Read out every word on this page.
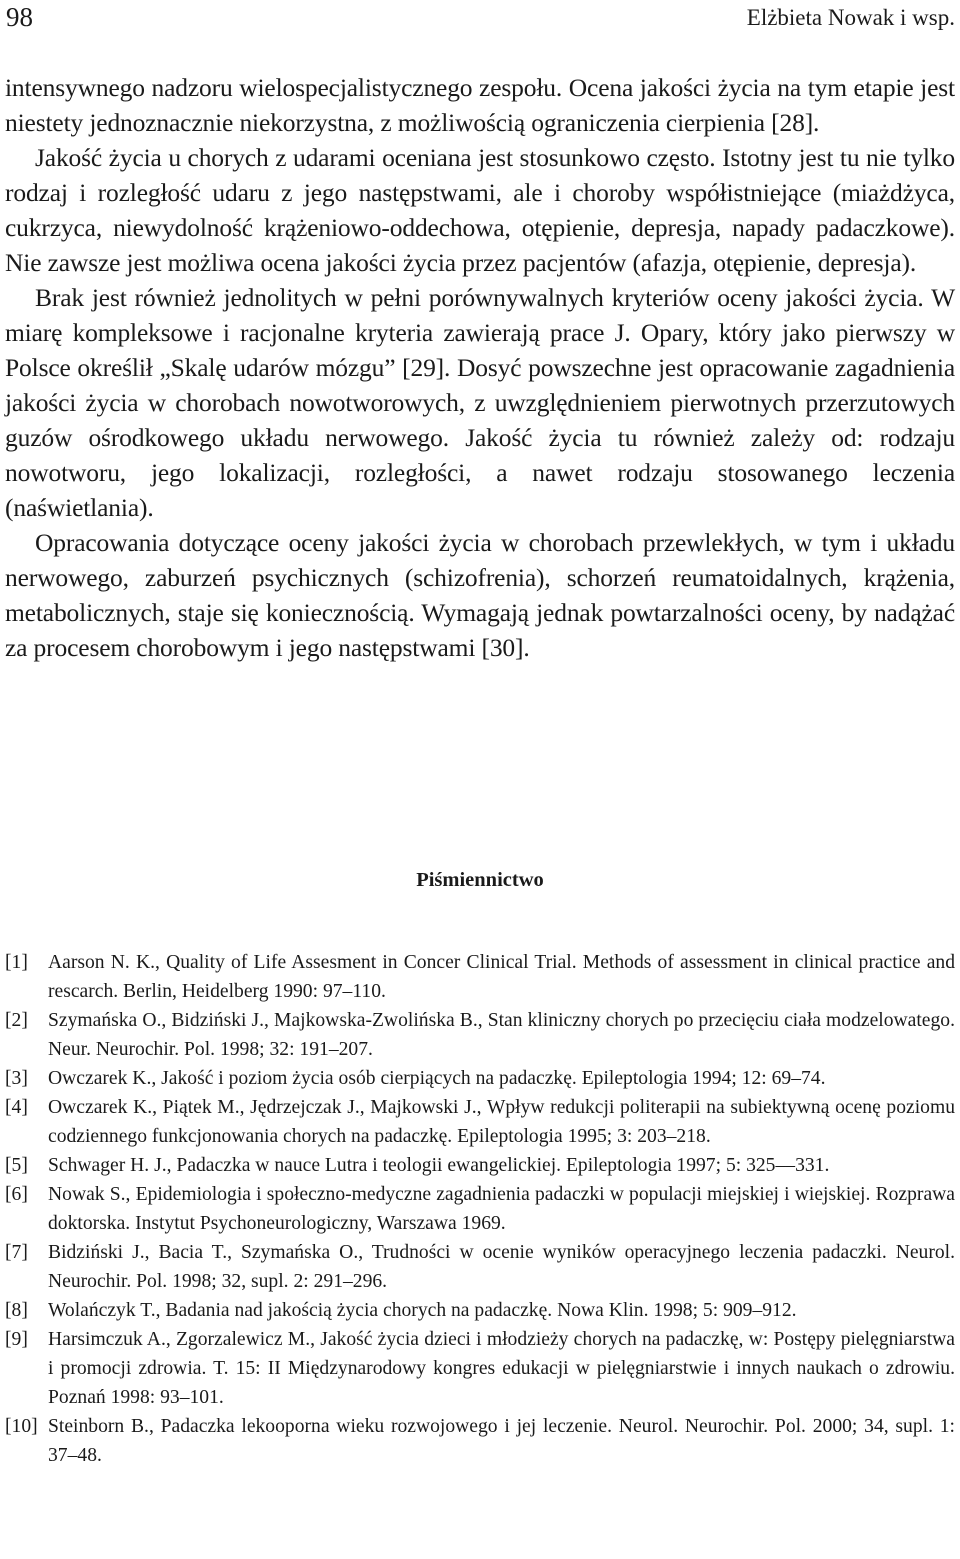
98	Elżbieta Nowak i wsp.

intensywnego nadzoru wielospecjalistycznego zespołu. Ocena jakości życia na tym etapie jest niestety jednoznacznie niekorzystna, z możliwością ograniczenia cierpienia [28].

Jakość życia u chorych z udarami oceniana jest stosunkowo często. Istotny jest tu nie tylko rodzaj i rozległość udaru z jego następstwami, ale i choroby współistniejące (miażdżyca, cukrzyca, niewydolność krążeniowo-oddechowa, otępienie, depresja, napady padaczkowe). Nie zawsze jest możliwa ocena jakości życia przez pacjentów (afazja, otępienie, depresja).

Brak jest również jednolitych w pełni porównywalnych kryteriów oceny jakości życia. W miarę kompleksowe i racjonalne kryteria zawierają prace J. Opary, który jako pierwszy w Polsce określił „Skalę udarów mózgu” [29]. Dosyć powszechne jest opracowanie zagadnienia jakości życia w chorobach nowotworowych, z uwzględnieniem pierwotnych przerzutowych guzów ośrodkowego układu nerwowego. Jakość życia tu również zależy od: rodzaju nowotworu, jego lokalizacji, rozległości, a nawet rodzaju stosowanego leczenia (naświetlania).

Opracowania dotyczące oceny jakości życia w chorobach przewlekłych, w tym i układu nerwowego, zaburzeń psychicznych (schizofrenia), schorzeń reumatoidalnych, krążenia, metabolicznych, staje się koniecznością. Wymagają jednak powtarzalności oceny, by nadążać za procesem chorobowym i jego następstwami [30].

Piśmiennictwo
[1] Aarson N. K., Quality of Life Assesment in Concer Clinical Trial. Methods of assessment in clinical practice and rescarch. Berlin, Heidelberg 1990: 97–110.
[2] Szymańska O., Bidziński J., Majkowska-Zwolińska B., Stan kliniczny chorych po przecięciu ciała modzelowatego. Neur. Neurochir. Pol. 1998; 32: 191–207.
[3] Owczarek K., Jakość i poziom życia osób cierpiących na padaczkę. Epileptologia 1994; 12: 69–74.
[4] Owczarek K., Piątek M., Jędrzejczak J., Majkowski J., Wpływ redukcji politerapii na subiektywną ocenę poziomu codziennego funkcjonowania chorych na padaczkę. Epileptologia 1995; 3: 203–218.
[5] Schwager H. J., Padaczka w nauce Lutra i teologii ewangelickiej. Epileptologia 1997; 5: 325––331.
[6] Nowak S., Epidemiologia i społeczno-medyczne zagadnienia padaczki w populacji miejskiej i wiejskiej. Rozprawa doktorska. Instytut Psychoneurologiczny, Warszawa 1969.
[7] Bidziński J., Bacia T., Szymańska O., Trudności w ocenie wyników operacyjnego leczenia padaczki. Neurol. Neurochir. Pol. 1998; 32, supl. 2: 291–296.
[8] Wolańczyk T., Badania nad jakością życia chorych na padaczkę. Nowa Klin. 1998; 5: 909–912.
[9] Harsimczuk A., Zgorzalewicz M., Jakość życia dzieci i młodzieży chorych na padaczkę, w: Postępy pielęgniarstwa i promocji zdrowia. T. 15: II Międzynarodowy kongres edukacji w pielęgniarstwie i innych naukach o zdrowiu. Poznań 1998: 93–101.
[10] Steinborn B., Padaczka lekooporna wieku rozwojowego i jej leczenie. Neurol. Neurochir. Pol. 2000; 34, supl. 1: 37–48.
